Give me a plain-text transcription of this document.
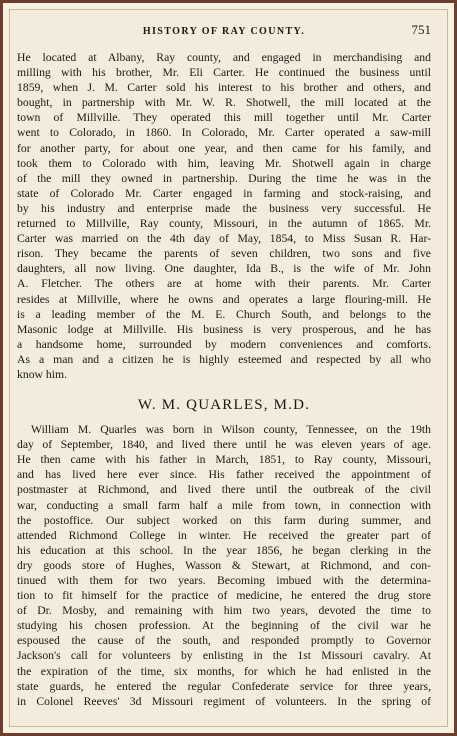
HISTORY OF RAY COUNTY.	751
He located at Albany, Ray county, and engaged in merchandising and
milling with his brother, Mr. Eli Carter. He continued the business until
1859, when J. M. Carter sold his interest to his brother and others, and
bought, in partnership with Mr. W. R. Shotwell, the mill located at the
town of Millville. They operated this mill together until Mr. Carter
went to Colorado, in 1860. In Colorado, Mr. Carter operated a saw-mill
for another party, for about one year, and then came for his family, and
took them to Colorado with him, leaving Mr. Shotwell again in charge
of the mill they owned in partnership. During the time he was in the
state of Colorado Mr. Carter engaged in farming and stock-raising, and
by his industry and enterprise made the business very successful. He
returned to Millville, Ray county, Missouri, in the autumn of 1865. Mr.
Carter was married on the 4th day of May, 1854, to Miss Susan R. Har-
rison. They became the parents of seven children, two sons and five
daughters, all now living. One daughter, Ida B., is the wife of Mr. John
A. Fletcher. The others are at home with their parents. Mr. Carter
resides at Millville, where he owns and operates a large flouring-mill. He
is a leading member of the M. E. Church South, and belongs to the
Masonic lodge at Millville. His business is very prosperous, and he has
a handsome home, surrounded by modern conveniences and comforts.
As a man and a citizen he is highly esteemed and respected by all who
know him.
W. M. QUARLES, M.D.
William M. Quarles was born in Wilson county, Tennessee, on the 19th
day of September, 1840, and lived there until he was eleven years of age.
He then came with his father in March, 1851, to Ray county, Missouri,
and has lived here ever since. His father received the appointment of
postmaster at Richmond, and lived there until the outbreak of the civil
war, conducting a small farm half a mile from town, in connection with
the postoffice. Our subject worked on this farm during summer, and
attended Richmond College in winter. He received the greater part of
his education at this school. In the year 1856, he began clerking in the
dry goods store of Hughes, Wasson & Stewart, at Richmond, and con-
tinued with them for two years. Becoming imbued with the determina-
tion to fit himself for the practice of medicine, he entered the drug store
of Dr. Mosby, and remaining with him two years, devoted the time to
studying his chosen profession. At the beginning of the civil war he
espoused the cause of the south, and responded promptly to Governor
Jackson's call for volunteers by enlisting in the 1st Missouri cavalry. At
the expiration of the time, six months, for which he had enlisted in the
state guards, he entered the regular Confederate service for three years,
in Colonel Reeves' 3d Missouri regiment of volunteers. In the spring of
